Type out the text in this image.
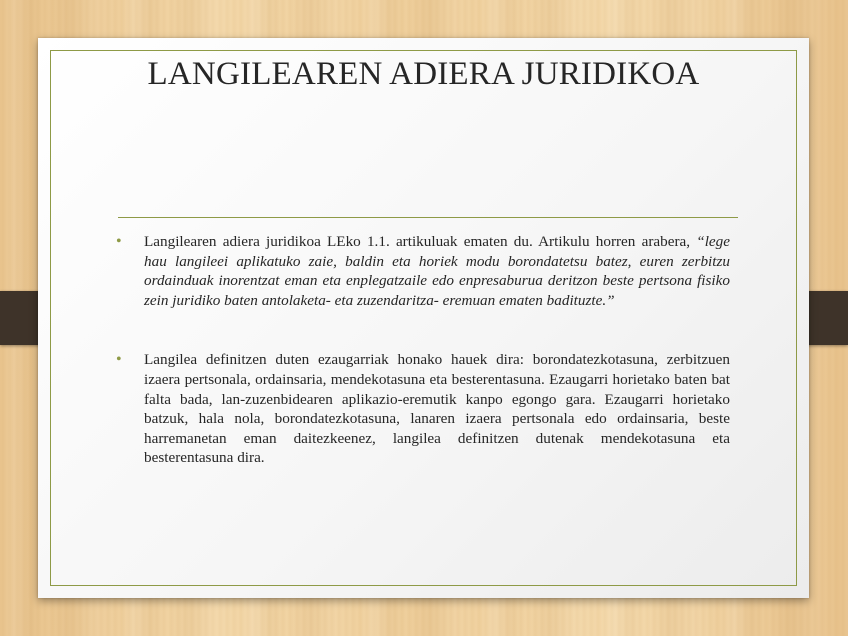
LANGILEAREN ADIERA JURIDIKOA
• Langilearen adiera juridikoa LEko 1.1. artikuluak ematen du. Artikulu horren arabera, “lege hau langileei aplikatuko zaie, baldin eta horiek modu borondatetsu batez, euren zerbitzu ordainduak inorentzat eman eta enplegatzaile edo enpresaburua deritzon beste pertsona fisiko zein juridiko baten antolaketa- eta zuzendaritza- eremuan ematen badituzte.”
• Langilea definitzen duten ezaugarriak honako hauek dira: borondatezkotasuna, zerbitzuen izaera pertsonala, ordainsaria, mendekotasuna eta besterentasuna. Ezaugarri horietako baten bat falta bada, lan-zuzenbidearen aplikazio-eremutik kanpo egongo gara. Ezaugarri horietako batzuk, hala nola, borondatezkotasuna, lanaren izaera pertsonala edo ordainsaria, beste harremanetan eman daitezkeenez, langilea definitzen dutenak mendekotasuna eta besterentasuna dira.
